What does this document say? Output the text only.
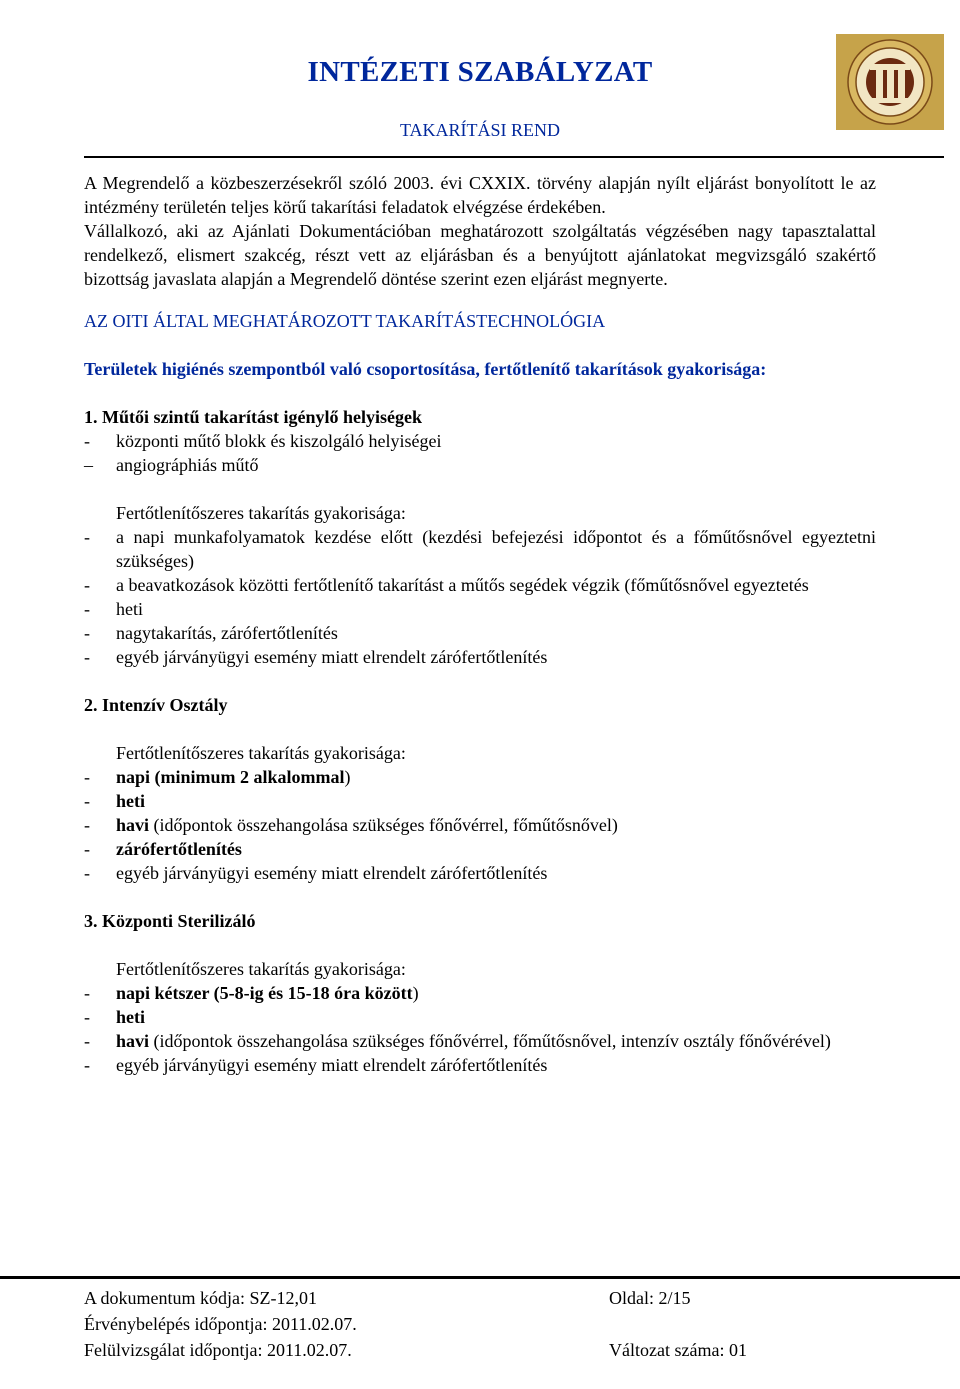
INTÉZETI SZABÁLYZAT
TAKARÍTÁSI REND

A Megrendelő a közbeszerzésekről szóló 2003. évi CXXIX. törvény alapján nyílt eljárást bonyolított le az intézmény területén teljes körű takarítási feladatok elvégzése érdekében.

Vállalkozó, aki az Ajánlati Dokumentációban meghatározott szolgáltatás végzésében nagy tapasztalattal rendelkező, elismert szakcég, részt vett az eljárásban és a benyújtott ajánlatokat megvizsgáló szakértő bizottság javaslata alapján a Megrendelő döntése szerint ezen eljárást megnyerte.

AZ OITI ÁLTAL MEGHATÁROZOTT TAKARÍTÁSTECHNOLÓGIA
Területek higiénés szempontból való csoportosítása, fertőtlenítő takarítások gyakorisága:
1. Műtői szintű takarítást igénylő helyiségek
-	központi műtő blokk és kiszolgáló helyiségei
–	angiográphiás műtő
Fertőtlenítőszeres takarítás gyakorisága:
-	a napi munkafolyamatok kezdése előtt (kezdési befejezési időpontot és a főműtősnővel egyeztetni szükséges)
-	a beavatkozások közötti fertőtlenítő takarítást a műtős segédek végzik (főműtősnővel egyeztetés
-	heti
-	nagytakarítás, zárófertőtlenítés
-	egyéb járványügyi esemény miatt elrendelt zárófertőtlenítés
2. Intenzív Osztály
Fertőtlenítőszeres takarítás gyakorisága:
-	napi (minimum 2 alkalommal)
-	heti
-	havi (időpontok összehangolása szükséges főnővérrel, főműtősnővel)
-	zárófertőtlenítés
-	egyéb járványügyi esemény miatt elrendelt zárófertőtlenítés
3. Központi Sterilizáló
Fertőtlenítőszeres takarítás gyakorisága:
-	napi kétszer (5-8-ig és 15-18 óra között)
-	heti
-	havi (időpontok összehangolása szükséges főnővérrel, főműtősnővel, intenzív osztály főnővérével)
-	egyéb járványügyi esemény miatt elrendelt zárófertőtlenítés
A dokumentum kódja: SZ-12,01	Oldal: 2/15
Érvénybelépés időpontja: 2011.02.07.
Felülvizsgálat időpontja: 2011.02.07.	Változat száma: 01
